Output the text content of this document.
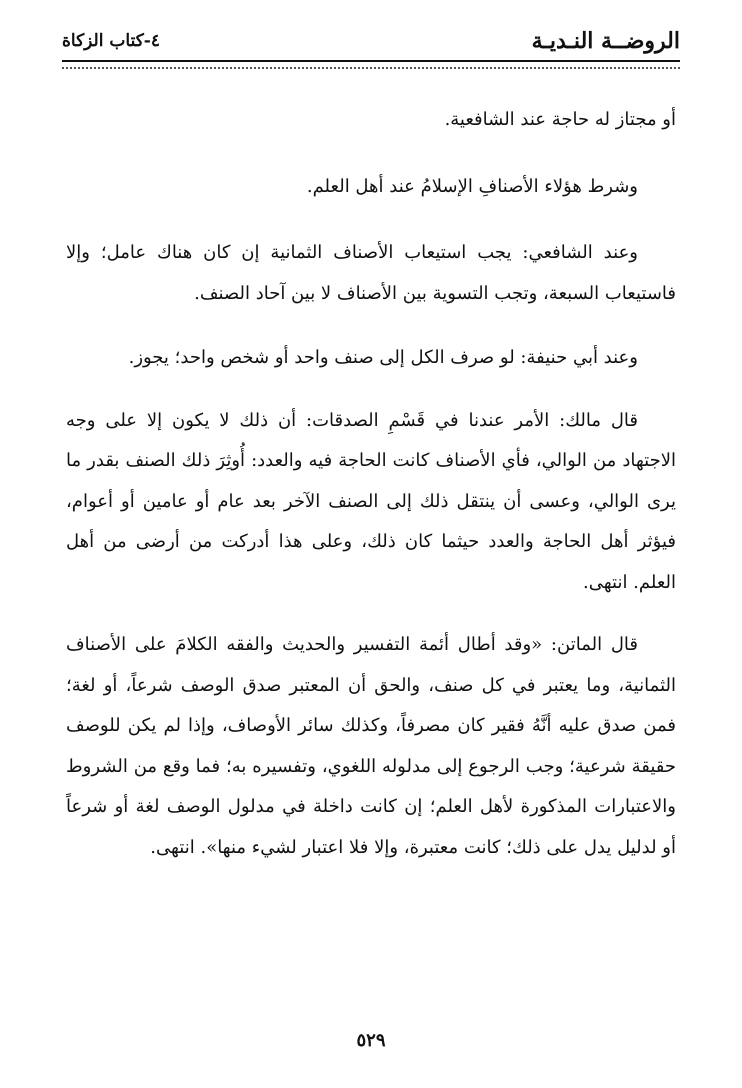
الروضــة النـديـة
٤-كتاب الزكاة

أو مجتاز له حاجة عند الشافعية.

وشرط هؤلاء الأصنافِ الإسلامُ عند أهل العلم.

وعند الشافعي: يجب استيعاب الأصناف الثمانية إن كان هناك عامل؛ وإلا فاستيعاب السبعة، وتجب التسوية بين الأصناف لا بين آحاد الصنف.

وعند أبي حنيفة: لو صرف الكل إلى صنف واحد أو شخص واحد؛ يجوز.

قال مالك: الأمر عندنا في قَسْمِ الصدقات: أن ذلك لا يكون إلا على وجه الاجتهاد من الوالي، فأي الأصناف كانت الحاجة فيه والعدد: أُوثِرَ ذلك الصنف بقدر ما يرى الوالي، وعسى أن ينتقل ذلك إلى الصنف الآخر بعد عام أو عامين أو أعوام، فيؤثر أهل الحاجة والعدد حيثما كان ذلك، وعلى هذا أدركت من أرضى من أهل العلم. انتهى.

قال الماتن: «وقد أطال أئمة التفسير والحديث والفقه الكلامَ على الأصناف الثمانية، وما يعتبر في كل صنف، والحق أن المعتبر صدق الوصف شرعاً، أو لغة؛ فمن صدق عليه أنَّهُ فقير كان مصرفاً، وكذلك سائر الأوصاف، وإذا لم يكن للوصف حقيقة شرعية؛ وجب الرجوع إلى مدلوله اللغوي، وتفسيره به؛ فما وقع من الشروط والاعتبارات المذكورة لأهل العلم؛ إن كانت داخلة في مدلول الوصف لغة أو شرعاً أو لدليل يدل على ذلك؛ كانت معتبرة، وإلا فلا اعتبار لشيء منها». انتهى.

٥٢٩
